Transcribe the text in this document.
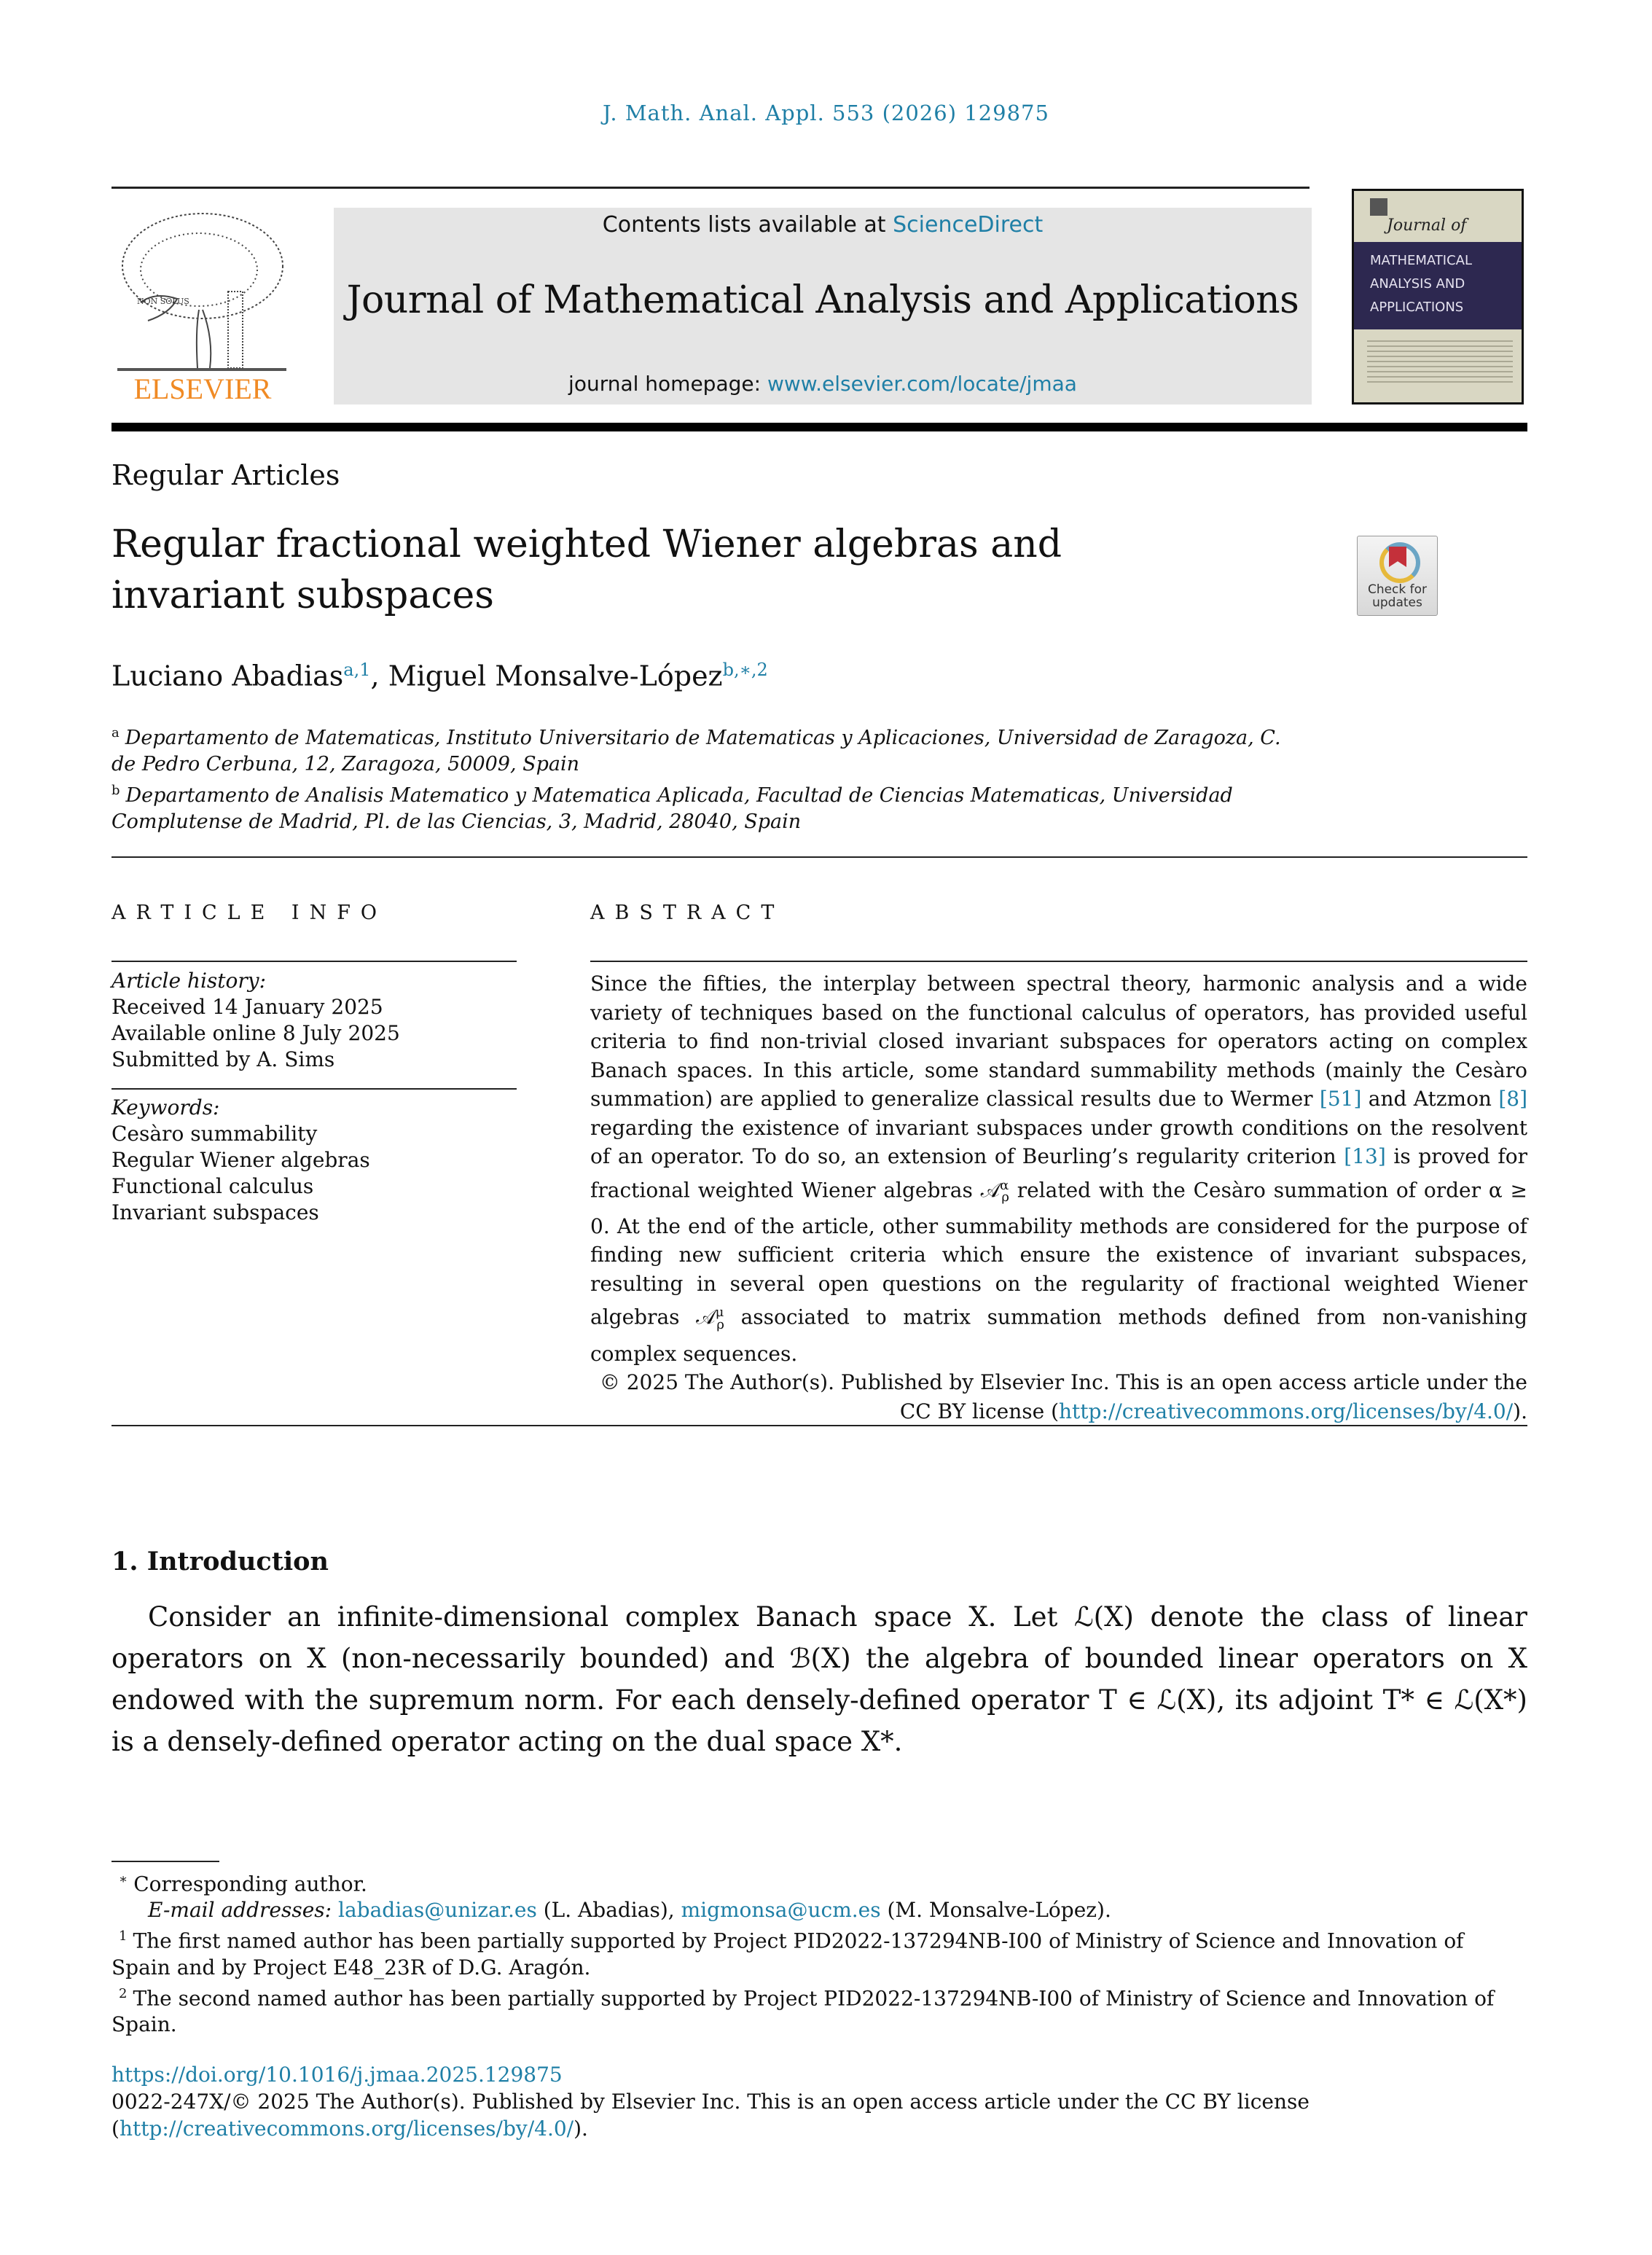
J. Math. Anal. Appl. 553 (2026) 129875
NON SOLUS
ELSEVIER
Contents lists available at ScienceDirect
Journal of Mathematical Analysis and Applications
journal homepage: www.elsevier.com/locate/jmaa
Journal of
MATHEMATICAL
ANALYSIS AND
APPLICATIONS
Regular Articles
Regular fractional weighted Wiener algebras and invariant subspaces	Check for
updates
Luciano Abadias$^{a,1}$, Miguel Monsalve-López$^{b,∗,2}$
$^a$ Departamento de Matematicas, Instituto Universitario de Matematicas y Aplicaciones, Universidad de Zaragoza, C. de Pedro Cerbuna, 12, Zaragoza, 50009, Spain
$^b$ Departamento de Analisis Matematico y Matematica Aplicada, Facultad de Ciencias Matematicas, Universidad Complutense de Madrid, Pl. de las Ciencias, 3, Madrid, 28040, Spain
ARTICLE INFO	ABSTRACT
Article history:
Received 14 January 2025
Available online 8 July 2025
Submitted by A. Sims
Keywords:
Cesàro summability
Regular Wiener algebras
Functional calculus
Invariant subspaces
Since the fifties, the interplay between spectral theory, harmonic analysis and a wide variety of techniques based on the functional calculus of operators, has provided useful criteria to find non-trivial closed invariant subspaces for operators acting on complex Banach spaces. In this article, some standard summability methods (mainly the Cesàro summation) are applied to generalize classical results due to Wermer [51] and Atzmon [8] regarding the existence of invariant subspaces under growth conditions on the resolvent of an operator. To do so, an extension of Beurling’s regularity criterion [13] is proved for fractional weighted Wiener algebras 𝒜$^\alpha_\rho$ related with the Cesàro summation of order α ≥ 0. At the end of the article, other summability methods are considered for the purpose of finding new sufficient criteria which ensure the existence of invariant subspaces, resulting in several open questions on the regularity of fractional weighted Wiener algebras 𝒜$^\mu_\rho$ associated to matrix summation methods defined from non-vanishing complex sequences.
© 2025 The Author(s). Published by Elsevier Inc. This is an open access article under the CC BY license (http://creativecommons.org/licenses/by/4.0/).
1. Introduction
Consider an infinite-dimensional complex Banach space X. Let ℒ(X) denote the class of linear operators on X (non-necessarily bounded) and ℬ(X) the algebra of bounded linear operators on X endowed with the supremum norm. For each densely-defined operator T ∈ ℒ(X), its adjoint T* ∈ ℒ(X*) is a densely-defined operator acting on the dual space X*.
∗ Corresponding author.
E-mail addresses: labadias@unizar.es (L. Abadias), migmonsa@ucm.es (M. Monsalve-López).
$^1$ The first named author has been partially supported by Project PID2022-137294NB-I00 of Ministry of Science and Innovation of Spain and by Project E48_23R of D.G. Aragón.
$^2$ The second named author has been partially supported by Project PID2022-137294NB-I00 of Ministry of Science and Innovation of Spain.
https://doi.org/10.1016/j.jmaa.2025.129875
0022-247X/© 2025 The Author(s). Published by Elsevier Inc. This is an open access article under the CC BY license (http://creativecommons.org/licenses/by/4.0/).
